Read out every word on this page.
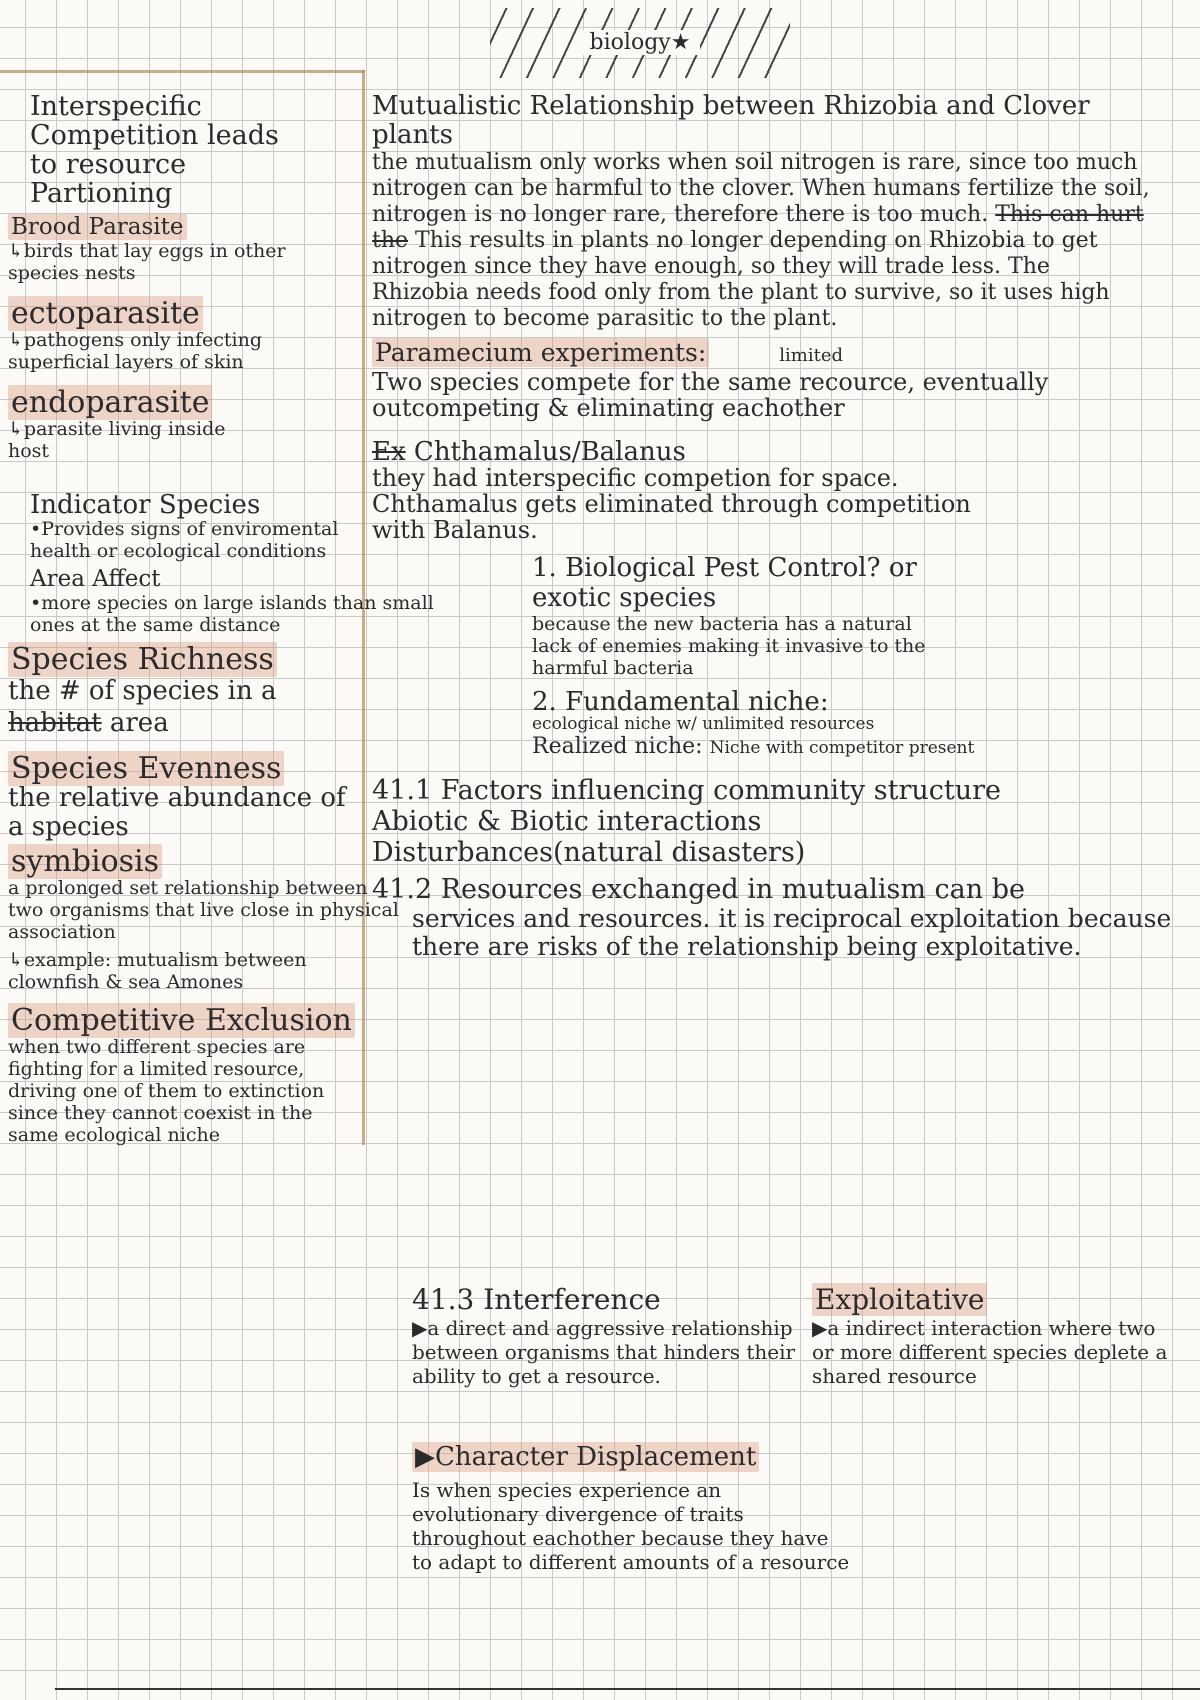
biology★

Interspecific Competition leads to resource Partioning

Brood Parasite

↳birds that lay eggs in other species nests

ectoparasite

↳pathogens only infecting superficial layers of skin

endoparasite

↳parasite living inside host

Indicator Species

•Provides signs of enviromental health or ecological conditions

Area Affect

•more species on large islands than small ones at the same distance

Species Richness

the # of species in a habitat area

Species Evenness

the relative abundance of a species

symbiosis

a prolonged set relationship between two organisms that live close in physical association

↳example: mutualism between clownfish & sea Amones

Competitive Exclusion

when two different species are fighting for a limited resource, driving one of them to extinction since they cannot coexist in the same ecological niche

Mutualistic Relationship between Rhizobia and Clover plants

the mutualism only works when soil nitrogen is rare, since too much nitrogen can be harmful to the clover. When humans fertilize the soil, nitrogen is no longer rare, therefore there is too much. This can hurt the This results in plants no longer depending on Rhizobia to get nitrogen since they have enough, so they will trade less. The Rhizobia needs food only from the plant to survive, so it uses high nitrogen to become parasitic to the plant.

Paramecium experiments:	limited

Two species compete for the same recource, eventually outcompeting & eliminating eachother

Ex Chthamalus/Balanus

they had interspecific competion for space. Chthamalus gets eliminated through competition with Balanus.

1. Biological Pest Control? or exotic species

because the new bacteria has a natural lack of enemies making it invasive to the harmful bacteria

2. Fundamental niche:

ecological niche w/ unlimited resources

Realized niche: Niche with competitor present

41.1 Factors influencing community structure

Abiotic & Biotic interactions

Disturbances(natural disasters)

41.2 Resources exchanged in mutualism can be

services and resources. it is reciprocal exploitation because there are risks of the relationship being exploitative.

41.3 Interference

▶a direct and aggressive relationship between organisms that hinders their ability to get a resource.

Exploitative

▶a indirect interaction where two or more different species deplete a shared resource

▶Character Displacement

Is when species experience an evolutionary divergence of traits throughout eachother because they have to adapt to different amounts of a resource
